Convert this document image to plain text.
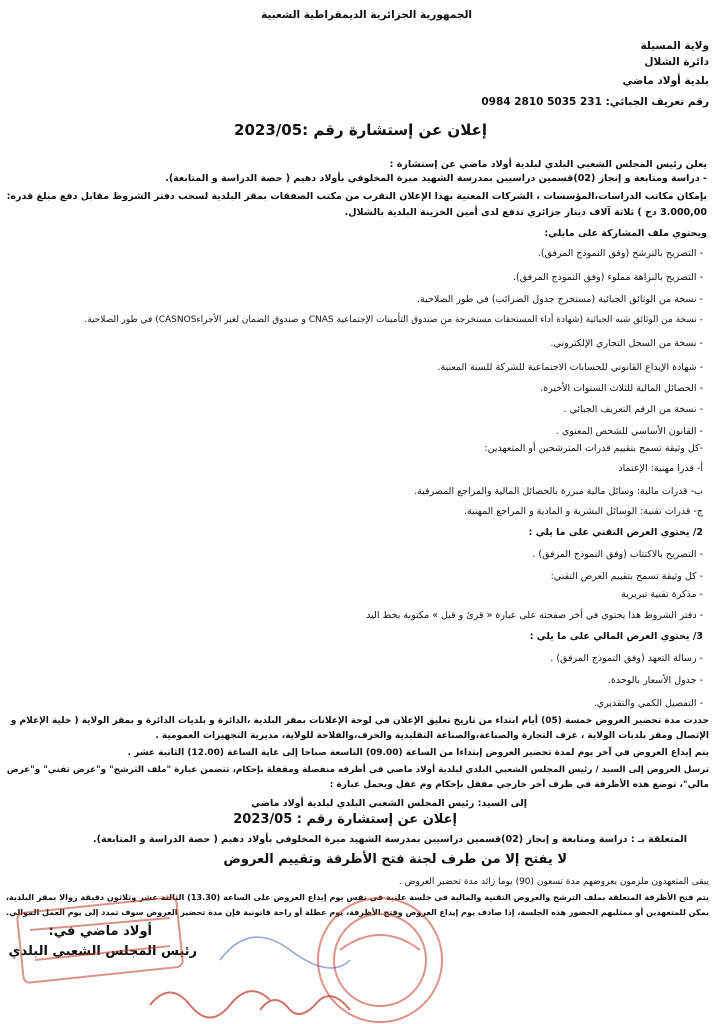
الجمهورية الجزائرية الديمقراطية الشعبية
ولاية المسيلة
دائرة الشلال
بلدية أولاد ماضي
رقم تعريف الجبائي: 231 5035 2810 0984
إعلان عن إستشارة رقم :2023/05
يعلن رئيس المجلس الشعبي البلدي لبلدية أولاد ماضي عن إستشارة :
- دراسة ومتابعة و إنجاز (02)قسمين دراسيين بمدرسة الشهيد ميرة المخلوفي بأولاد دهيم ( حصة الدراسة و المتابعة).
بإمكان مكاتب الدراسات،المؤسسات ، الشركات المعنية بهذا الإعلان التقرب من مكتب الصفقات بمقر البلدية لسحب دفتر الشروط مقابل دفع مبلغ قدره:
3.000,00 دج ) ثلاثة آلاف دينار جزائري تدفع لدى أمين الخزينة البلدية بالشلال.
ويحتوي ملف المشاركة على مايلي:
- التصريح بالترشح (وفق النموذج المرفق).
- التصريح بالنزاهة مملوء (وفق النموذج المرفق).
- نسخة من الوثائق الجبائية (مستخرج جدول الضرائب) في طور الصلاحية.
- نسخة من الوثائق شبه الجبائية (شهادة أداء المستحقات مستخرجة من صندوق التأمينات الإجتماعية CNAS و صندوق الضمان لغير الأجراءCASNOS) في طور الصلاحية.
- نسخة من السجل التجاري الإلكتروني.
- شهادة الإيداع القانوني للحسابات الاجتماعية للشركة للسنة المعنية.
- الحصائل المالية للثلاث السنوات الأخيرة.
- نسخة من الرقم التعريف الجبائي .
- القانون الأساسي للشخص المعنوي .
-كل وثيقة تسمح بتقييم قدرات المترشحين أو المتعهدين:
أ- قدرا مهنية: الإعتماد
ب- قدرات مالية: وسائل مالية مبررة بالحصائل المالية والمراجع المصرفية.
ج- قدرات تقنية: الوسائل البشرية و المادية و المراجع المهنية.
2/ يحتوي العرض التقني على ما يلي :
- التصريح بالاكتتاب (وفق النموذج المرفق) .
- كل وثيقة تسمح بتقييم العرض التقني:
- مذكرة تقنية تبريرية
- دفتر الشروط هذا يحتوي في أخر صفحته على عبارة « قرئ و قبل » مكتوبة بخط اليد
3/ يحتوي العرض المالي على ما يلي :
- رسالة التعهد (وفق النموذج المرفق) .
- جدول الأسعار بالوحدة.
- التفصيل الكمي والتقديري.
حددت مدة تحضير العروض خمسة (05) أيام ابتداء من تاريخ تعليق الإعلان في لوحة الإعلانات بمقر البلدية ،الدائرة و بلديات الدائرة و بمقر الولاية ( خلية الإعلام و
الإتصال ومقر بلديات الولاية ، غرف التجارة والصناعة،والصناعة التقليدية والحرف،والفلاحة للولاية، مديرية التجهيزات العمومية .
يتم إيداع العروض في آخر يوم لمدة تحضير العروض إبتداءا من الساعة (09.00) التاسعة صباحا إلى غاية الساعة (12.00) الثانية عشر .
ترسل العروض إلى السيد / رئيس المجلس الشعبي البلدي لبلدية أولاد ماضي في أظرفه منفصلة ومقفلة بإحكام، تتضمن عبارة "ملف الترشح" و"عرض تقني" و"عرض
مالي"، توضع هذه الأظرفة في ظرف آخر خارجي مقفل بإحكام وم غفل ويحمل عبارة :
إلى السيد: رئيس المجلس الشعبي البلدي لبلدية أولاد ماضي
إعلان عن إستشارة رقم : 2023/05
المتعلقة بـ : دراسة ومتابعة و إنجاز (02)قسمين دراسيين بمدرسة الشهيد ميرة المخلوفي بأولاد دهيم ( حصة الدراسة و المتابعة).
لا يفتح إلا من طرف لجنة فتح الأظرفة وتقييم العروض
يبقى المتعهدون ملزمون بعروضهم مدة تسعون (90) يوما زائد مدة تحضير العروض .
يتم فتح الأظرفة المتعلقة بملف الترشح والعروض التقنية والمالية في جلسة علنية في نفس يوم إيداع العروض على الساعة (13.30) الثالثة عشر وثلاثون دقيقة زوالا بمقر البلدية،
يمكن للمتعهدين أو ممثليهم الحضور هذه الجلسة، إذا صادف يوم إيداع العروض وفتح الأظرفة، يوم عطلة أو راحة قانونية فإن مدة تحضير العروض سوف تمدد إلى يوم العمل الموالي.
أولاد ماضي في:
رئيس المجلس الشعبي البلدي
